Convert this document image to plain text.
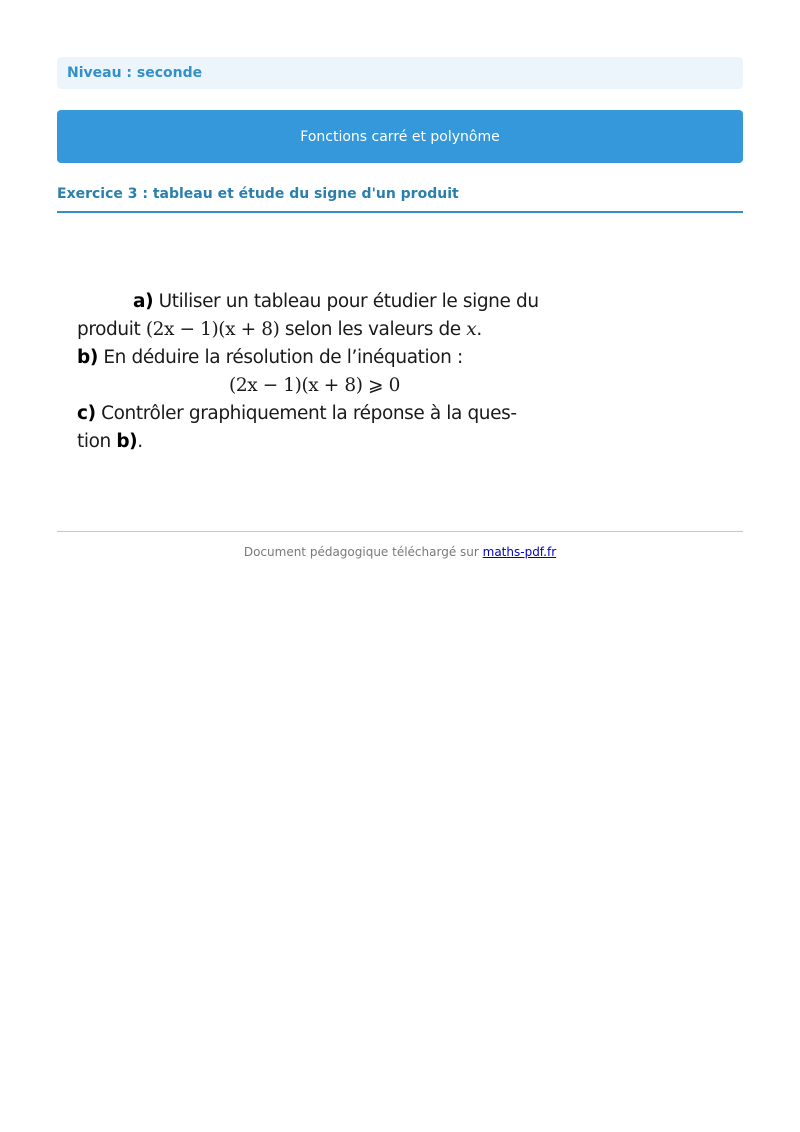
Niveau : seconde
Fonctions carré et polynôme
Exercice 3 : tableau et étude du signe d'un produit
a) Utiliser un tableau pour étudier le signe du
produit (2x − 1)(x + 8) selon les valeurs de x.
b) En déduire la résolution de l’inéquation :
(2x − 1)(x + 8) ⩾ 0
c) Contrôler graphiquement la réponse à la ques-
tion b).
Document pédagogique téléchargé sur maths-pdf.fr
